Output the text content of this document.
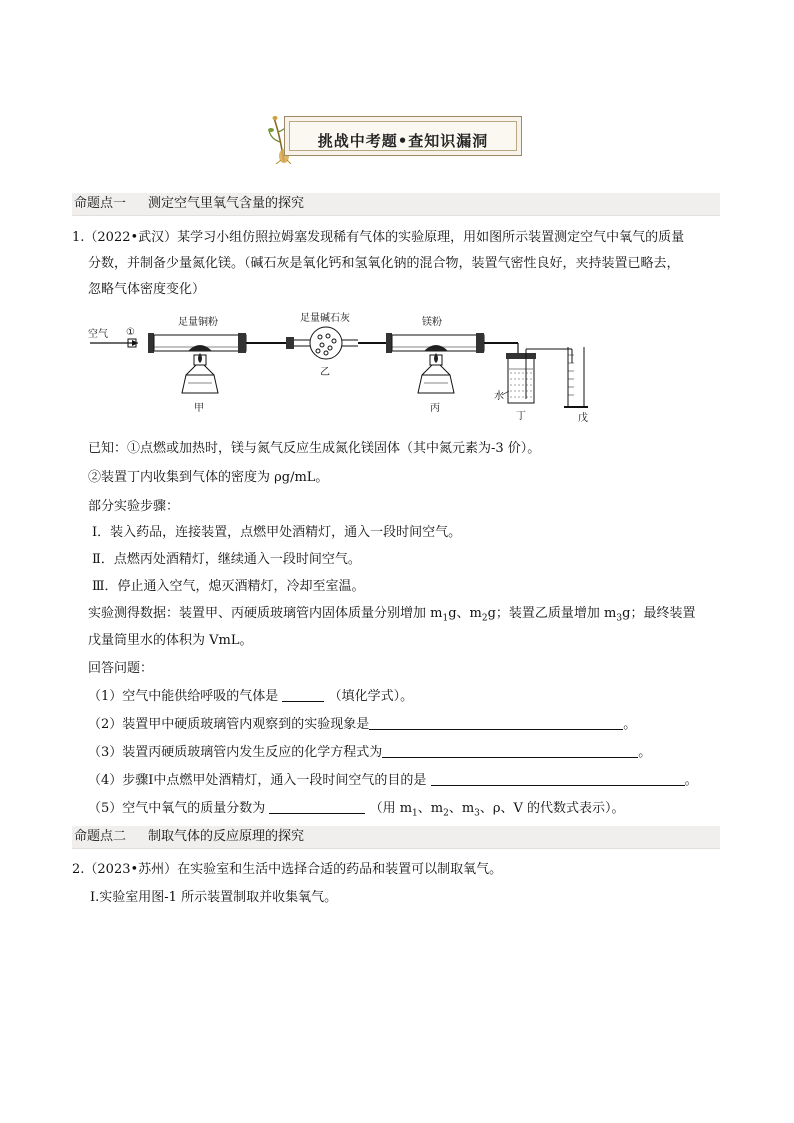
挑战中考题•查知识漏洞
命题点一 测定空气里氧气含量的探究
1.（2022•武汉）某学习小组仿照拉姆塞发现稀有气体的实验原理，用如图所示装置测定空气中氧气的质量
分数，并制备少量氮化镁。（碱石灰是氧化钙和氢氧化钠的混合物，装置气密性良好，夹持装置已略去，
忽略气体密度变化）
空气 ①
足量铜粉
甲
足量碱石灰
乙
镁粉
丙
水
丁	戊
已知：①点燃或加热时，镁与氮气反应生成氮化镁固体（其中氮元素为-3 价）。
②装置丁内收集到气体的密度为 ρg/mL。
部分实验步骤：
Ⅰ．装入药品，连接装置，点燃甲处酒精灯，通入一段时间空气。
Ⅱ．点燃丙处酒精灯，继续通入一段时间空气。
Ⅲ．停止通入空气，熄灭酒精灯，冷却至室温。
实验测得数据：装置甲、丙硬质玻璃管内固体质量分别增加 $m_1g$、$m_2g$；装置乙质量增加 $m_3g$；最终装置
戊量筒里水的体积为 VmL。
回答问题：
（1）空气中能供给呼吸的气体是	（填化学式）。
（2）装置甲中硬质玻璃管内观察到的实验现象是	。
（3）装置丙硬质玻璃管内发生反应的化学方程式为	。
（4）步骤Ⅰ中点燃甲处酒精灯，通入一段时间空气的目的是	。
（5）空气中氧气的质量分数为	（用 $m_1$、$m_2$、$m_3$、ρ、V 的代数式表示）。
命题点二 制取气体的反应原理的探究
2.（2023•苏州）在实验室和生活中选择合适的药品和装置可以制取氧气。
Ⅰ.实验室用图-1 所示装置制取并收集氧气。
